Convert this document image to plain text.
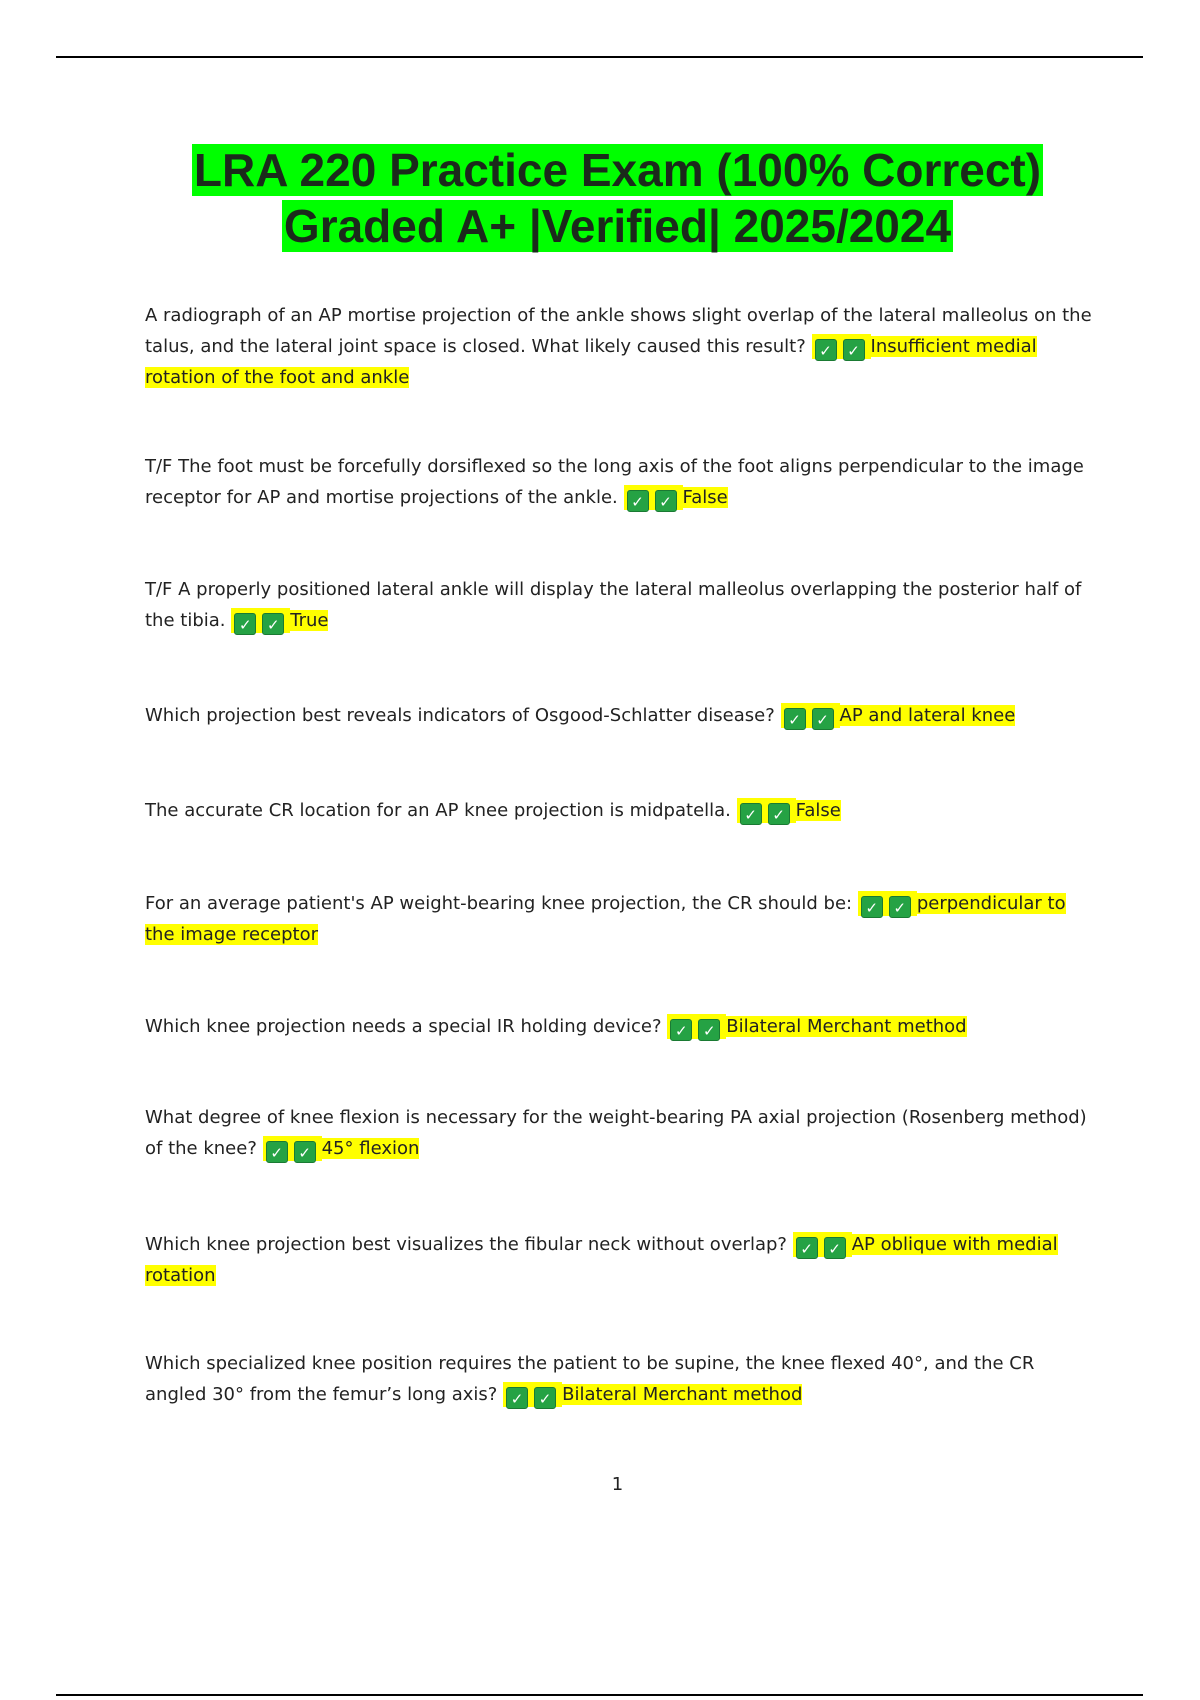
LRA 220 Practice Exam (100% Correct)
Graded A+ |Verified| 2025/2024
A radiograph of an AP mortise projection of the ankle shows slight overlap of the lateral malleolus on the talus, and the lateral joint space is closed. What likely caused this result? ✓ ✓ Insufficient medial rotation of the foot and ankle
T/F The foot must be forcefully dorsiflexed so the long axis of the foot aligns perpendicular to the image receptor for AP and mortise projections of the ankle. ✓ ✓ False
T/F A properly positioned lateral ankle will display the lateral malleolus overlapping the posterior half of the tibia. ✓ ✓ True
Which projection best reveals indicators of Osgood-Schlatter disease? ✓ ✓ AP and lateral knee
The accurate CR location for an AP knee projection is midpatella. ✓ ✓ False
For an average patient's AP weight-bearing knee projection, the CR should be: ✓ ✓ perpendicular to the image receptor
Which knee projection needs a special IR holding device? ✓ ✓ Bilateral Merchant method
What degree of knee flexion is necessary for the weight-bearing PA axial projection (Rosenberg method) of the knee? ✓ ✓ 45° flexion
Which knee projection best visualizes the fibular neck without overlap? ✓ ✓ AP oblique with medial rotation
Which specialized knee position requires the patient to be supine, the knee flexed 40°, and the CR angled 30° from the femur’s long axis? ✓ ✓ Bilateral Merchant method
1
